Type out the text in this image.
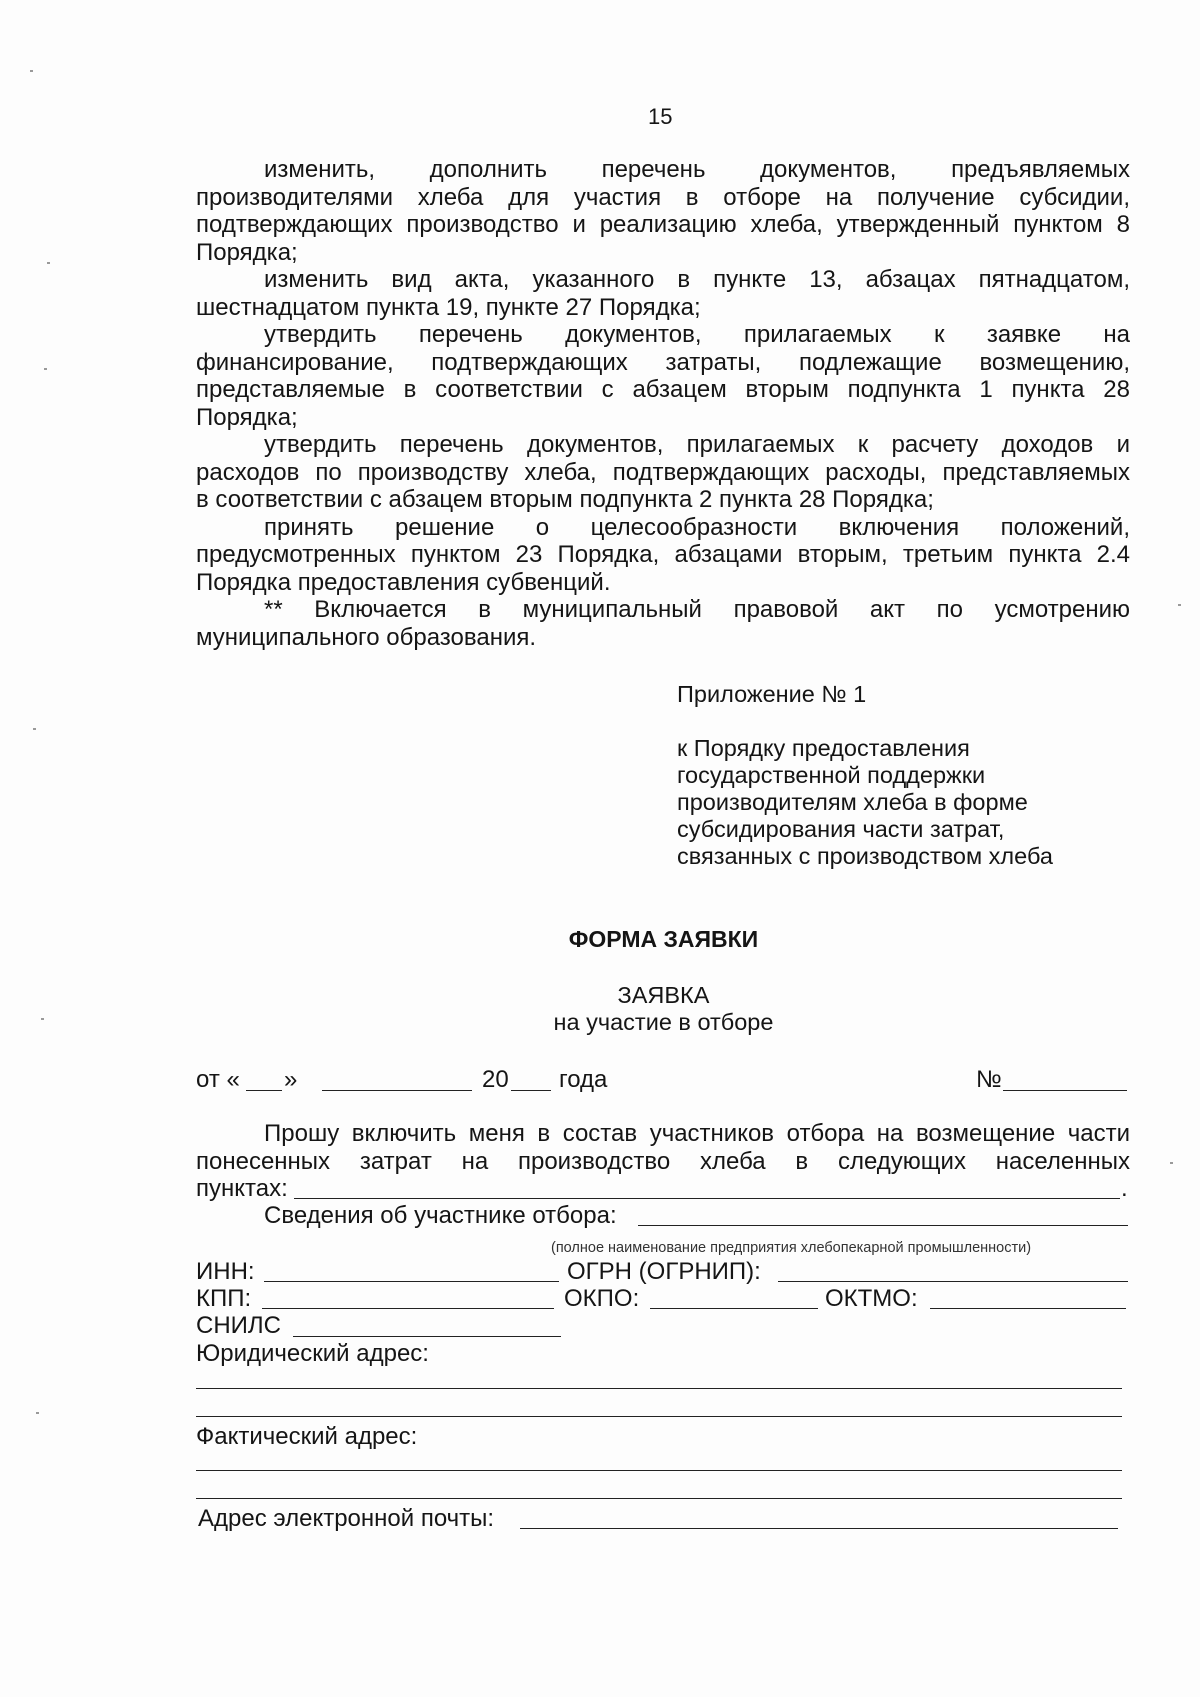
15
изменить, дополнить перечень документов, предъявляемых
производителями хлеба для участия в отборе на получение субсидии,
подтверждающих производство и реализацию хлеба, утвержденный пунктом 8
Порядка;
изменить вид акта, указанного в пункте 13, абзацах пятнадцатом,
шестнадцатом пункта 19, пункте 27 Порядка;
утвердить перечень документов, прилагаемых к заявке на
финансирование, подтверждающих затраты, подлежащие возмещению,
представляемые в соответствии с абзацем вторым подпункта 1 пункта 28
Порядка;
утвердить перечень документов, прилагаемых к расчету доходов и
расходов по производству хлеба, подтверждающих расходы, представляемых
в соответствии с абзацем вторым подпункта 2 пункта 28 Порядка;
принять решение о целесообразности включения положений,
предусмотренных пунктом 23 Порядка, абзацами вторым, третьим пункта 2.4
Порядка предоставления субвенций.
** Включается в муниципальный правовой акт по усмотрению
муниципального образования.
Приложение № 1
к Порядку предоставления
государственной поддержки
производителям хлеба в форме
субсидирования части затрат,
связанных с производством хлеба
ФОРМА ЗАЯВКИ
ЗАЯВКА
на участие в отборе
от « »	20 года	№
Прошу включить меня в состав участников отбора на возмещение части
понесенных затрат на производство хлеба в следующих населенных
пунктах:	.
Сведения об участнике отбора:
(полное наименование предприятия хлебопекарной промышленности)
ИНН:	ОГРН (ОГРНИП):
КПП:	ОКПО:	ОКТМО:
СНИЛС
Юридический адрес:
Фактический адрес:
Адрес электронной почты:
